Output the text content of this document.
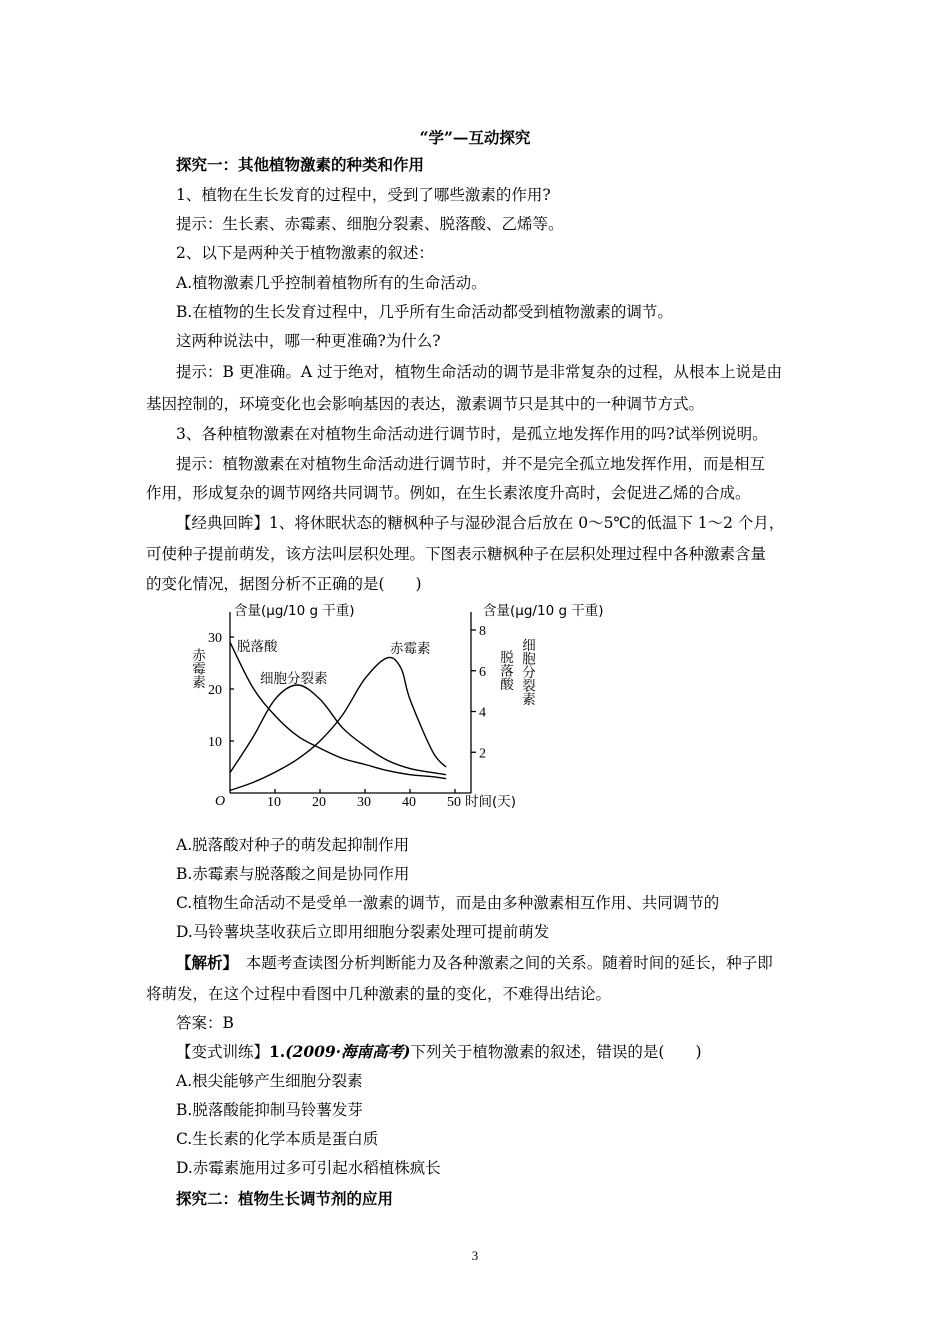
“学”—互动探究
探究一：其他植物激素的种类和作用
1、植物在生长发育的过程中，受到了哪些激素的作用?
提示：生长素、赤霉素、细胞分裂素、脱落酸、乙烯等。
2、以下是两种关于植物激素的叙述：
A.植物激素几乎控制着植物所有的生命活动。
B.在植物的生长发育过程中，几乎所有生命活动都受到植物激素的调节。
这两种说法中，哪一种更准确?为什么?
提示：B 更准确。A 过于绝对，植物生命活动的调节是非常复杂的过程，从根本上说是由
基因控制的，环境变化也会影响基因的表达，激素调节只是其中的一种调节方式。
3、各种植物激素在对植物生命活动进行调节时，是孤立地发挥作用的吗?试举例说明。
提示：植物激素在对植物生命活动进行调节时，并不是完全孤立地发挥作用，而是相互
作用，形成复杂的调节网络共同调节。例如，在生长素浓度升高时，会促进乙烯的合成。
【经典回眸】1、将休眠状态的糖枫种子与湿砂混合后放在 0～5℃的低温下 1～2 个月，
可使种子提前萌发，该方法叫层积处理。下图表示糖枫种子在层积处理过程中各种激素含量
的变化情况，据图分析不正确的是(　　)
10
20
30
2
4
6
8
10 20 30 40 50
含量(μg/10 g 干重)	含量(μg/10 g 干重)
赤霉素	脱落酸 细胞分裂素
脱落酸
细胞分裂素
赤霉素
O	时间(天)
A.脱落酸对种子的萌发起抑制作用
B.赤霉素与脱落酸之间是协同作用
C.植物生命活动不是受单一激素的调节，而是由多种激素相互作用、共同调节的
D.马铃薯块茎收获后立即用细胞分裂素处理可提前萌发
【解析】　本题考查读图分析判断能力及各种激素之间的关系。随着时间的延长，种子即
将萌发，在这个过程中看图中几种激素的量的变化，不难得出结论。
答案：B
【变式训练】1.(2009·海南高考)下列关于植物激素的叙述，错误的是(　　)
A.根尖能够产生细胞分裂素
B.脱落酸能抑制马铃薯发芽
C.生长素的化学本质是蛋白质
D.赤霉素施用过多可引起水稻植株疯长
探究二：植物生长调节剂的应用
3
